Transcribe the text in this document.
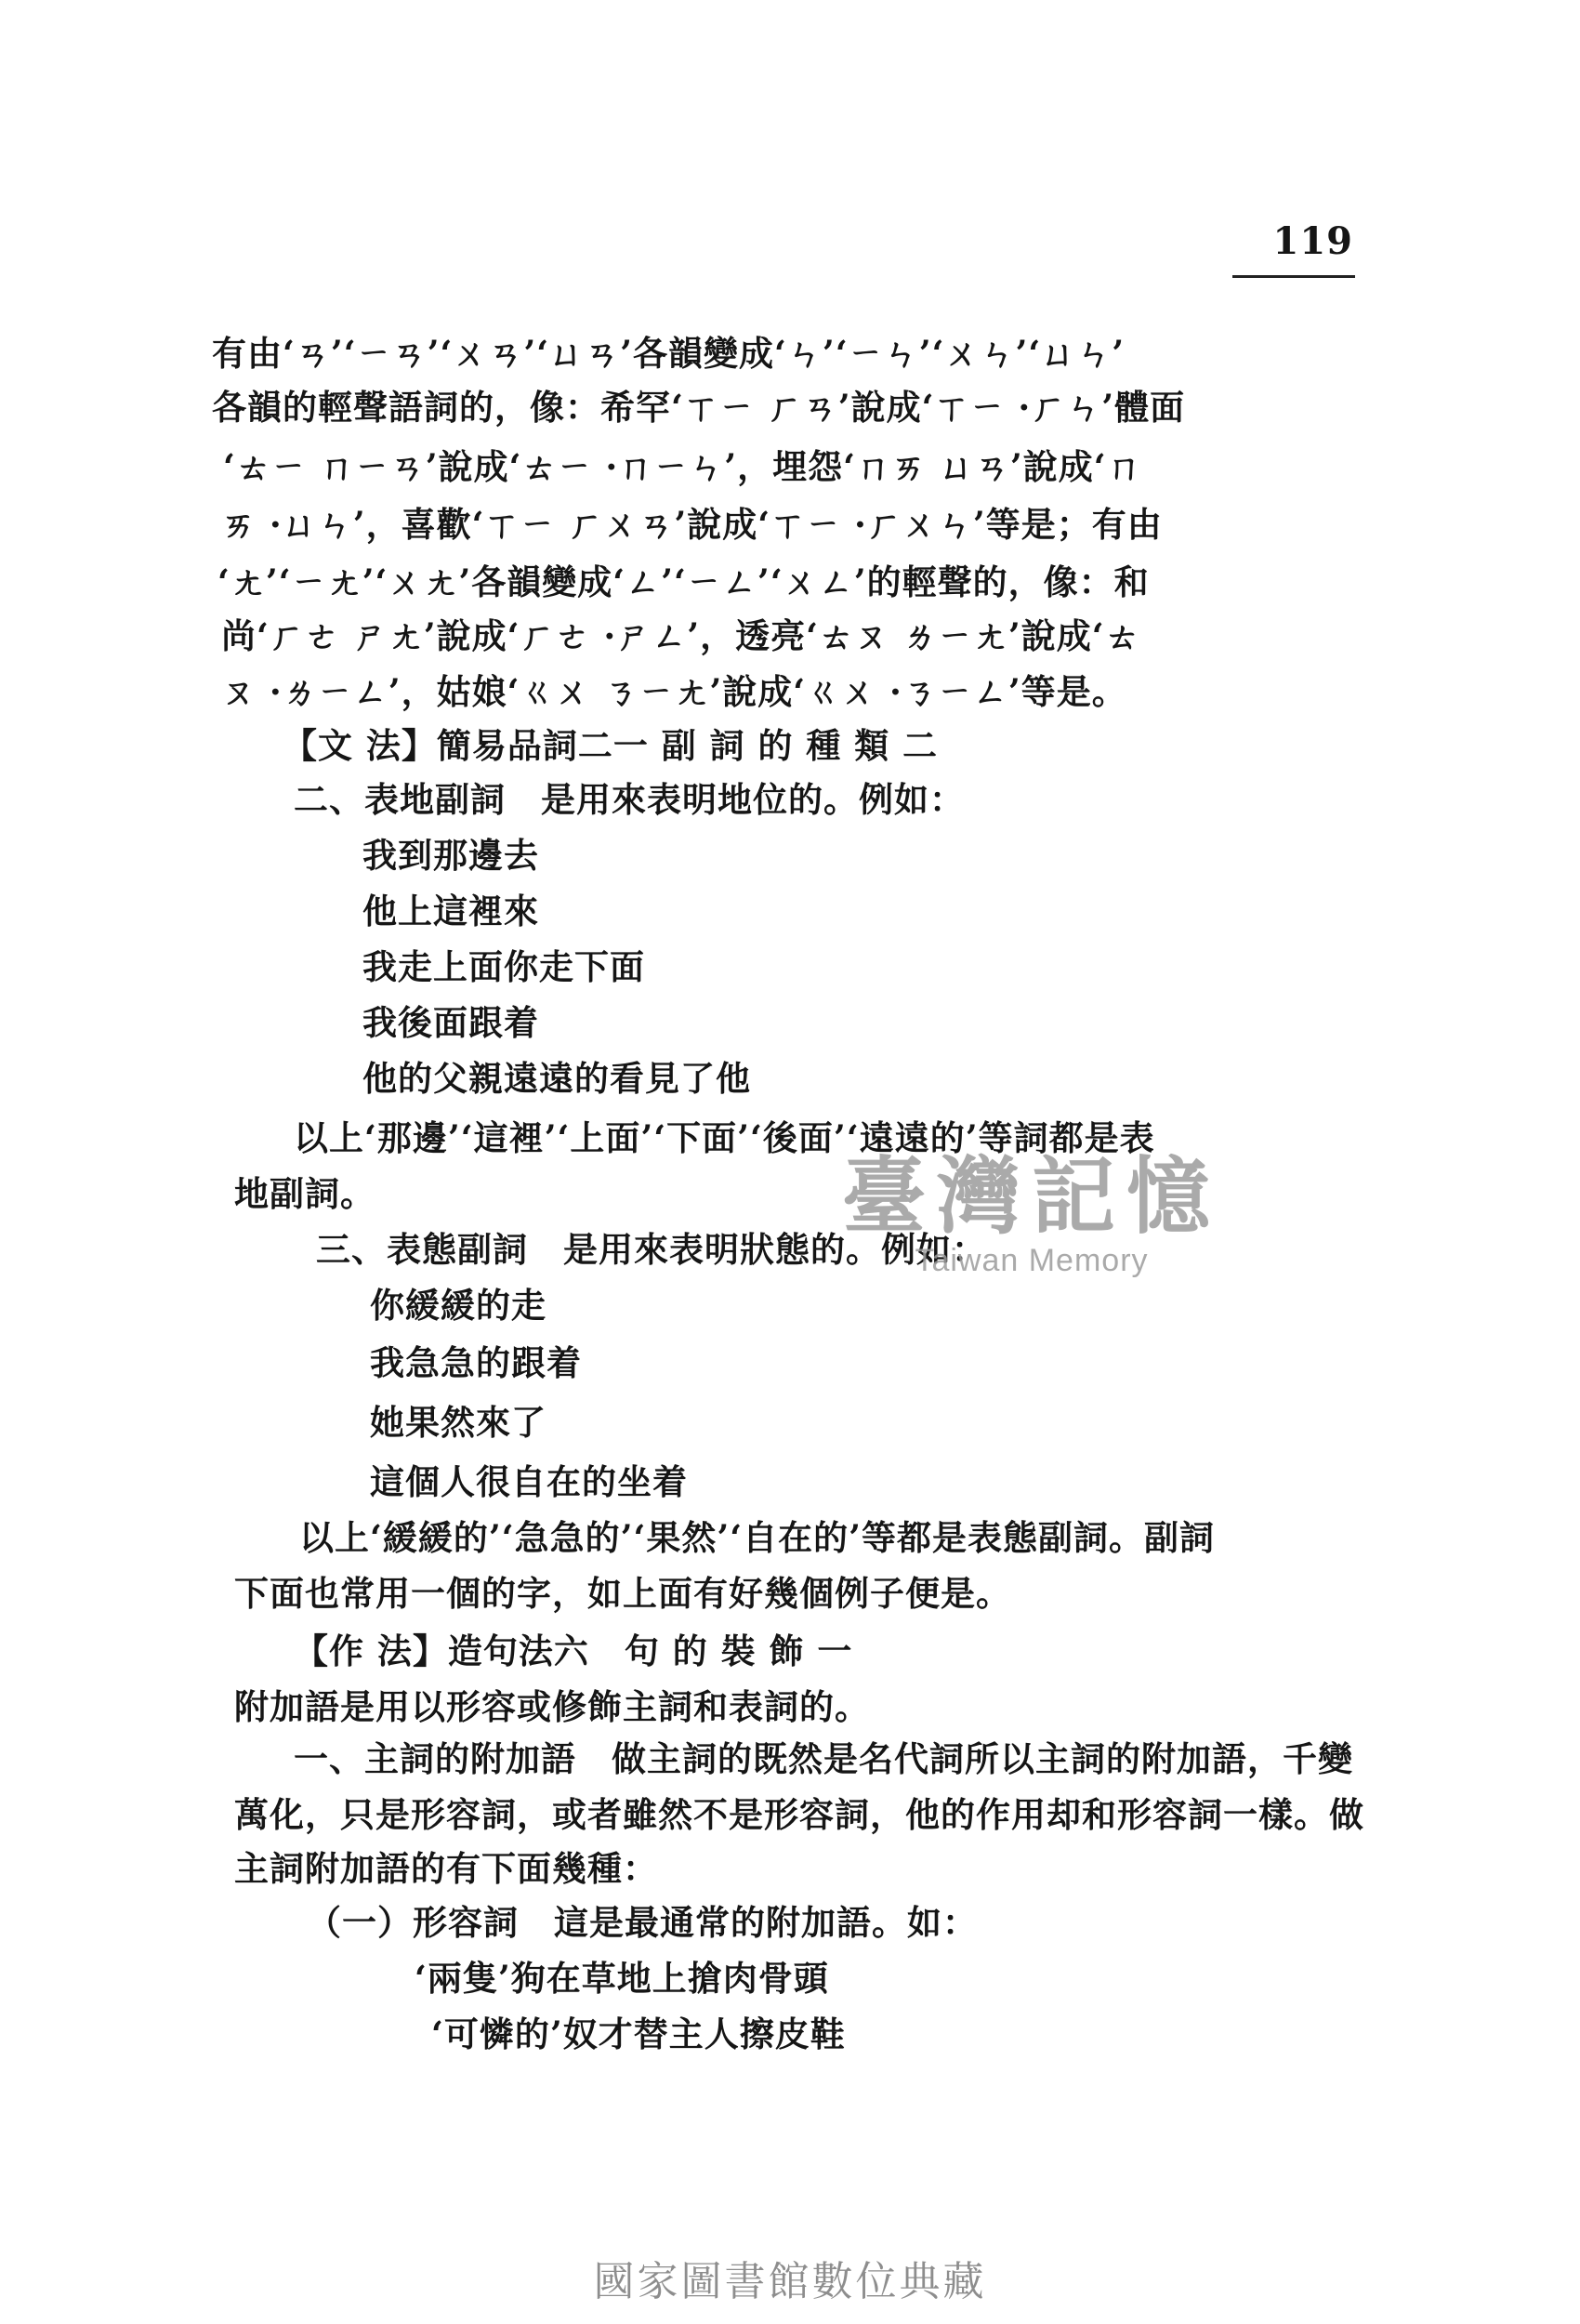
119
有由‘ㄢ’‘ㄧㄢ’‘ㄨㄢ’‘ㄩㄢ’各韻變成‘ㄣ’‘ㄧㄣ’‘ㄨㄣ’‘ㄩㄣ’
各韻的輕聲語詞的，像：希罕‘ㄒㄧ ㄏㄢ’說成‘ㄒㄧ ·ㄏㄣ’體面
‘ㄊㄧ ㄇㄧㄢ’說成‘ㄊㄧ ·ㄇㄧㄣ’，埋怨‘ㄇㄞ ㄩㄢ’說成‘ㄇ
ㄞ ·ㄩㄣ’，喜歡‘ㄒㄧ ㄏㄨㄢ’說成‘ㄒㄧ ·ㄏㄨㄣ’等是；有由
‘ㄤ’‘ㄧㄤ’‘ㄨㄤ’各韻變成‘ㄥ’‘ㄧㄥ’‘ㄨㄥ’的輕聲的，像：和
尚‘ㄏㄜ ㄕㄤ’說成‘ㄏㄜ ·ㄕㄥ’，透亮‘ㄊㄡ ㄌㄧㄤ’說成‘ㄊ
ㄡ ·ㄌㄧㄥ’，姑娘‘ㄍㄨ ㄋㄧㄤ’說成‘ㄍㄨ ·ㄋㄧㄥ’等是。
【文 法】簡易品詞二一 副 詞 的 種 類 二
二、表地副詞　是用來表明地位的。例如：
我到那邊去
他上這裡來
我走上面你走下面
我後面跟着
他的父親遠遠的看見了他
以上‘那邊’‘這裡’‘上面’‘下面’‘後面’‘遠遠的’等詞都是表
地副詞。
三、表態副詞　是用來表明狀態的。例如：
你緩緩的走
我急急的跟着
她果然來了
這個人很自在的坐着
以上‘緩緩的’‘急急的’‘果然’‘自在的’等都是表態副詞。副詞
下面也常用一個的字，如上面有好幾個例子便是。
【作 法】造句法六　句 的 裝 飾 一
附加語是用以形容或修飾主詞和表詞的。
一、主詞的附加語　做主詞的既然是名代詞所以主詞的附加語，千變
萬化，只是形容詞，或者雖然不是形容詞，他的作用却和形容詞一樣。做
主詞附加語的有下面幾種：
（一）形容詞　這是最通常的附加語。如：
‘兩隻’狗在草地上搶肉骨頭
‘可憐的’奴才替主人擦皮鞋
臺灣記憶
Taiwan Memory
國家圖書館數位典藏
